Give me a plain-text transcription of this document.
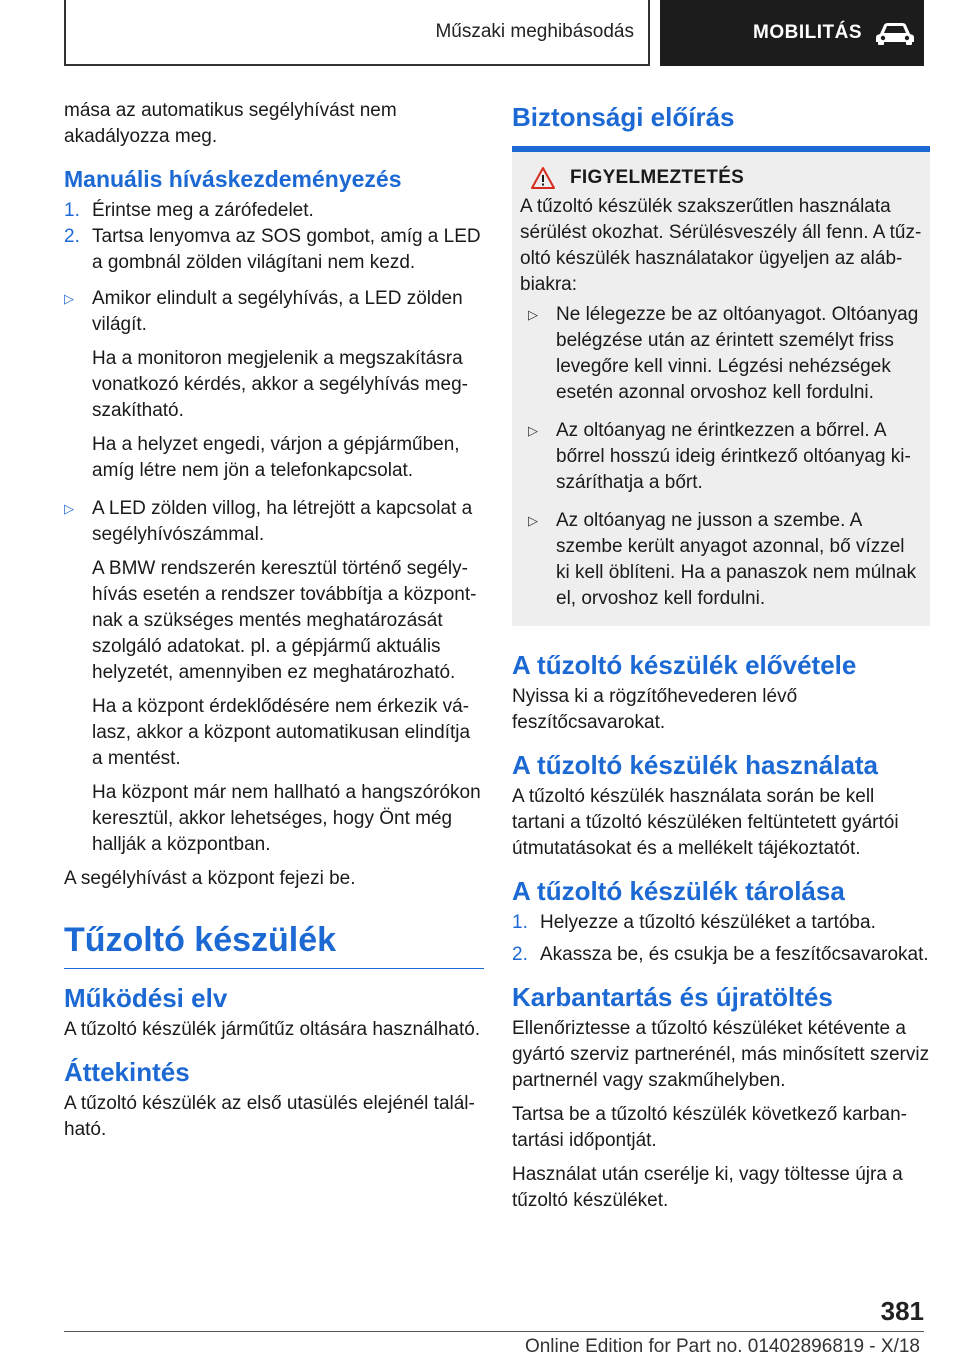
Műszaki meghibásodás	MOBILITÁS

mása az automatikus segélyhívást nem akadályozza meg.

Manuális híváskezdeményezés
1. Érintse meg a zárófedelet.
2. Tartsa lenyomva az SOS gombot, amíg a LED a gombnál zölden világítani nem kezd.
▷ Amikor elindult a segélyhívás, a LED zölden világít.

Ha a monitoron megjelenik a megszakításra vonatkozó kérdés, akkor a segélyhívás megszakítható.

Ha a helyzet engedi, várjon a gépjárműben, amíg létre nem jön a telefonkapcsolat.

▷ A LED zölden villog, ha létrejött a kapcsolat a segélyhívószámmal.

A BMW rendszerén keresztül történő segélyhívás esetén a rendszer továbbítja a központnak a szükséges mentés meghatározását szolgáló adatokat. pl. a gépjármű aktuális helyzetét, amennyiben ez meghatározható.

Ha a központ érdeklődésére nem érkezik válasz, akkor a központ automatikusan elindítja a mentést.

Ha központ már nem hallható a hangszórókon keresztül, akkor lehetséges, hogy Önt még hallják a központban.

A segélyhívást a központ fejezi be.

Tűzoltó készülék
Működési elv

A tűzoltó készülék járműtűz oltására használható.

Áttekintés

A tűzoltó készülék az első utasülés elejénél található.

Biztonsági előírás
FIGYELMEZTETÉS

A tűzoltó készülék szakszerűtlen használata sérülést okozhat. Sérülésveszély áll fenn. A tűzoltó készülék használatakor ügyeljen az alábbiakra:

▷ Ne lélegezze be az oltóanyagot. Oltóanyag belégzése után az érintett személyt friss levegőre kell vinni. Légzési nehézségek esetén azonnal orvoshoz kell fordulni.

▷ Az oltóanyag ne érintkezzen a bőrrel. A bőrrel hosszú ideig érintkező oltóanyag kiszáríthatja a bőrt.

▷ Az oltóanyag ne jusson a szembe. A szembe került anyagot azonnal, bő vízzel ki kell öblíteni. Ha a panaszok nem múlnak el, orvoshoz kell fordulni.

A tűzoltó készülék elővétele

Nyissa ki a rögzítőhevederen lévő feszítőcsavarokat.

A tűzoltó készülék használata

A tűzoltó készülék használata során be kell tartani a tűzoltó készüléken feltüntetett gyártói útmutatásokat és a mellékelt tájékoztatót.

A tűzoltó készülék tárolása
1. Helyezze a tűzoltó készüléket a tartóba.
2. Akassza be, és csukja be a feszítőcsavarokat.
Karbantartás és újratöltés

Ellenőriztesse a tűzoltó készüléket kétévente a gyártó szerviz partnerénél, más minősített szerviz partnernél vagy szakműhelyben.

Tartsa be a tűzoltó készülék következő karbantartási időpontját.

Használat után cserélje ki, vagy töltesse újra a tűzoltó készüléket.

381
Online Edition for Part no. 01402896819 - X/18
